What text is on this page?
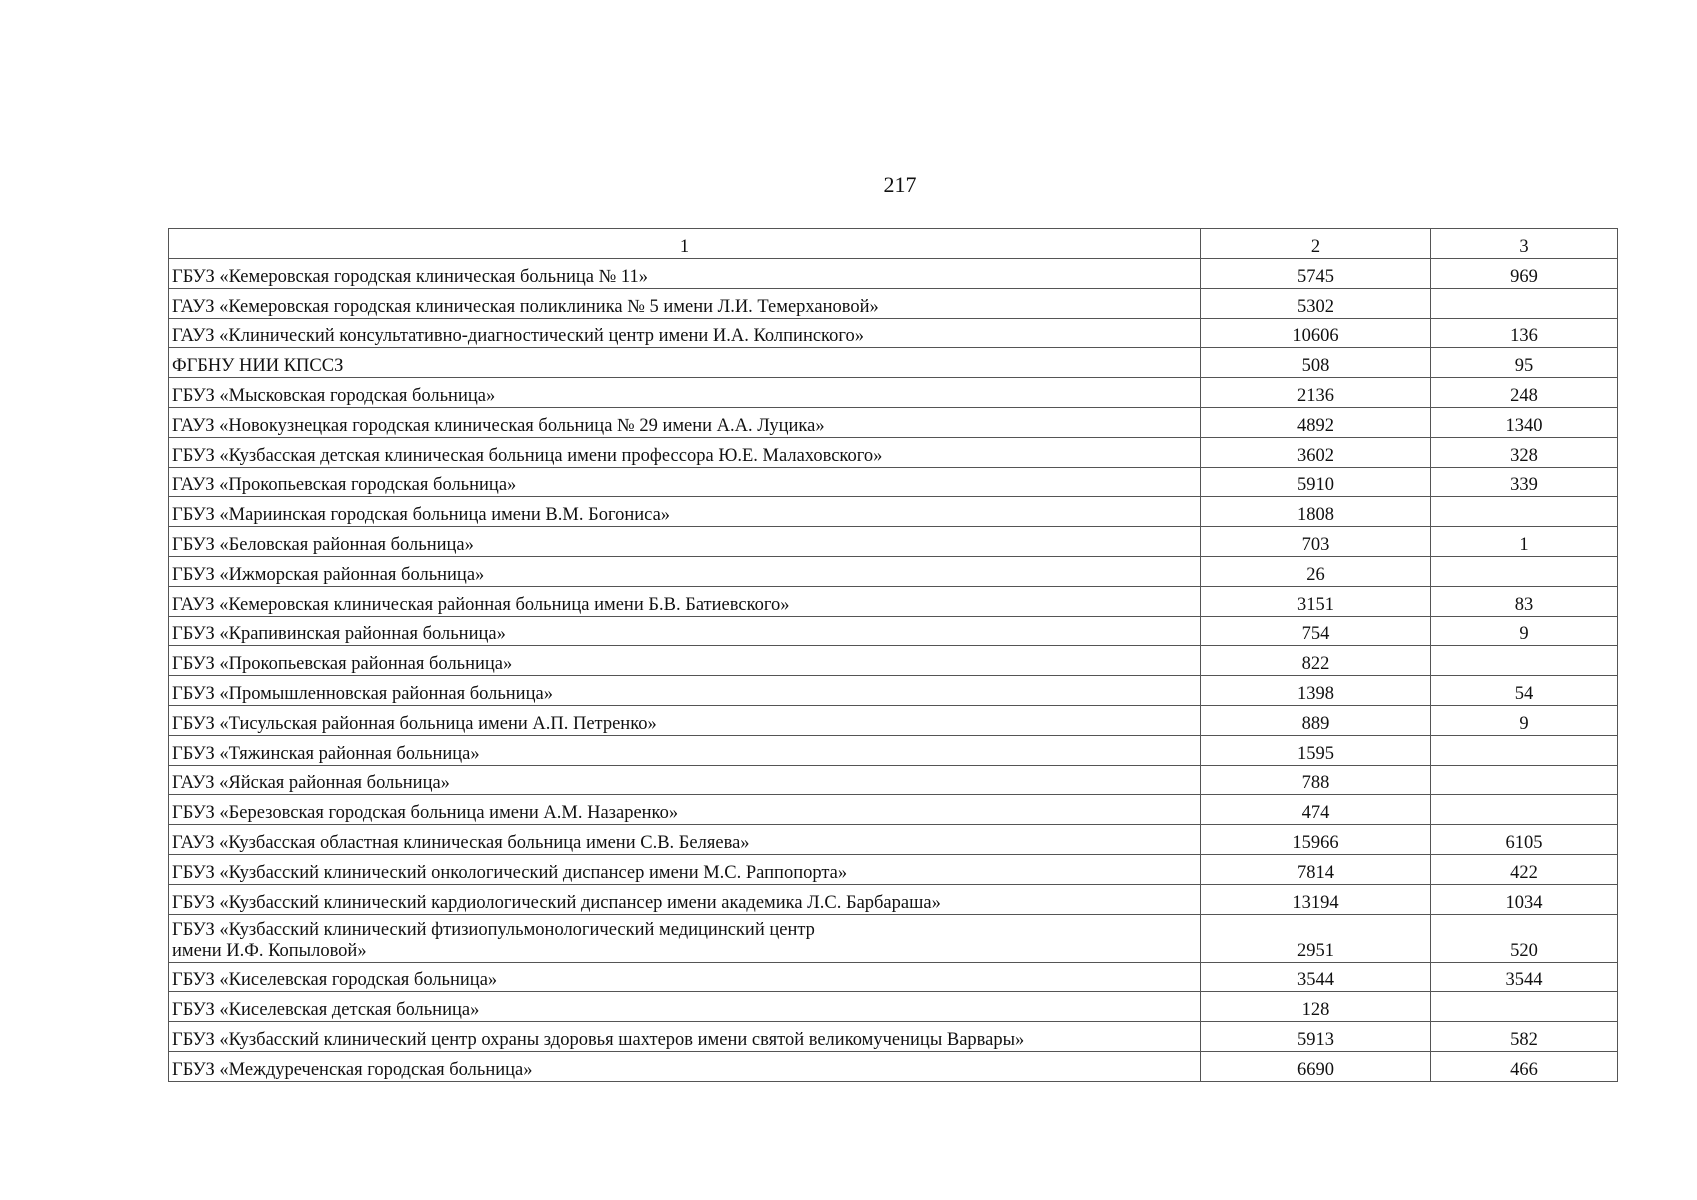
217
1	2	3
ГБУЗ «Кемеровская городская клиническая больница № 11»	5745	969
ГАУЗ «Кемеровская городская клиническая поликлиника № 5 имени Л.И. Темерхановой»	5302	
ГАУЗ «Клинический консультативно-диагностический центр имени И.А. Колпинского»	10606	136
ФГБНУ НИИ КПССЗ	508	95
ГБУЗ «Мысковская городская больница»	2136	248
ГАУЗ «Новокузнецкая городская клиническая больница № 29 имени А.А. Луцика»	4892	1340
ГБУЗ «Кузбасская детская клиническая больница имени профессора Ю.Е. Малаховского»	3602	328
ГАУЗ «Прокопьевская городская больница»	5910	339
ГБУЗ «Мариинская городская больница имени В.М. Богониса»	1808	
ГБУЗ «Беловская районная больница»	703	1
ГБУЗ «Ижморская районная больница»	26	
ГАУЗ «Кемеровская клиническая районная больница имени Б.В. Батиевского»	3151	83
ГБУЗ «Крапивинская районная больница»	754	9
ГБУЗ «Прокопьевская районная больница»	822	
ГБУЗ «Промышленновская районная больница»	1398	54
ГБУЗ «Тисульская районная больница имени А.П. Петренко»	889	9
ГБУЗ «Тяжинская районная больница»	1595	
ГАУЗ «Яйская районная больница»	788	
ГБУЗ «Березовская городская больница имени А.М. Назаренко»	474	
ГАУЗ «Кузбасская областная клиническая больница имени С.В. Беляева»	15966	6105
ГБУЗ «Кузбасский клинический онкологический диспансер имени М.С. Раппопорта»	7814	422
ГБУЗ «Кузбасский клинический кардиологический диспансер имени академика Л.С. Барбараша»	13194	1034
ГБУЗ «Кузбасский клинический фтизиопульмонологический медицинский центр
имени И.Ф. Копыловой»	2951	520
ГБУЗ «Киселевская городская больница»	3544	3544
ГБУЗ «Киселевская детская больница»	128	
ГБУЗ «Кузбасский клинический центр охраны здоровья шахтеров имени святой великомученицы Варвары»	5913	582
ГБУЗ «Междуреченская городская больница»	6690	466
